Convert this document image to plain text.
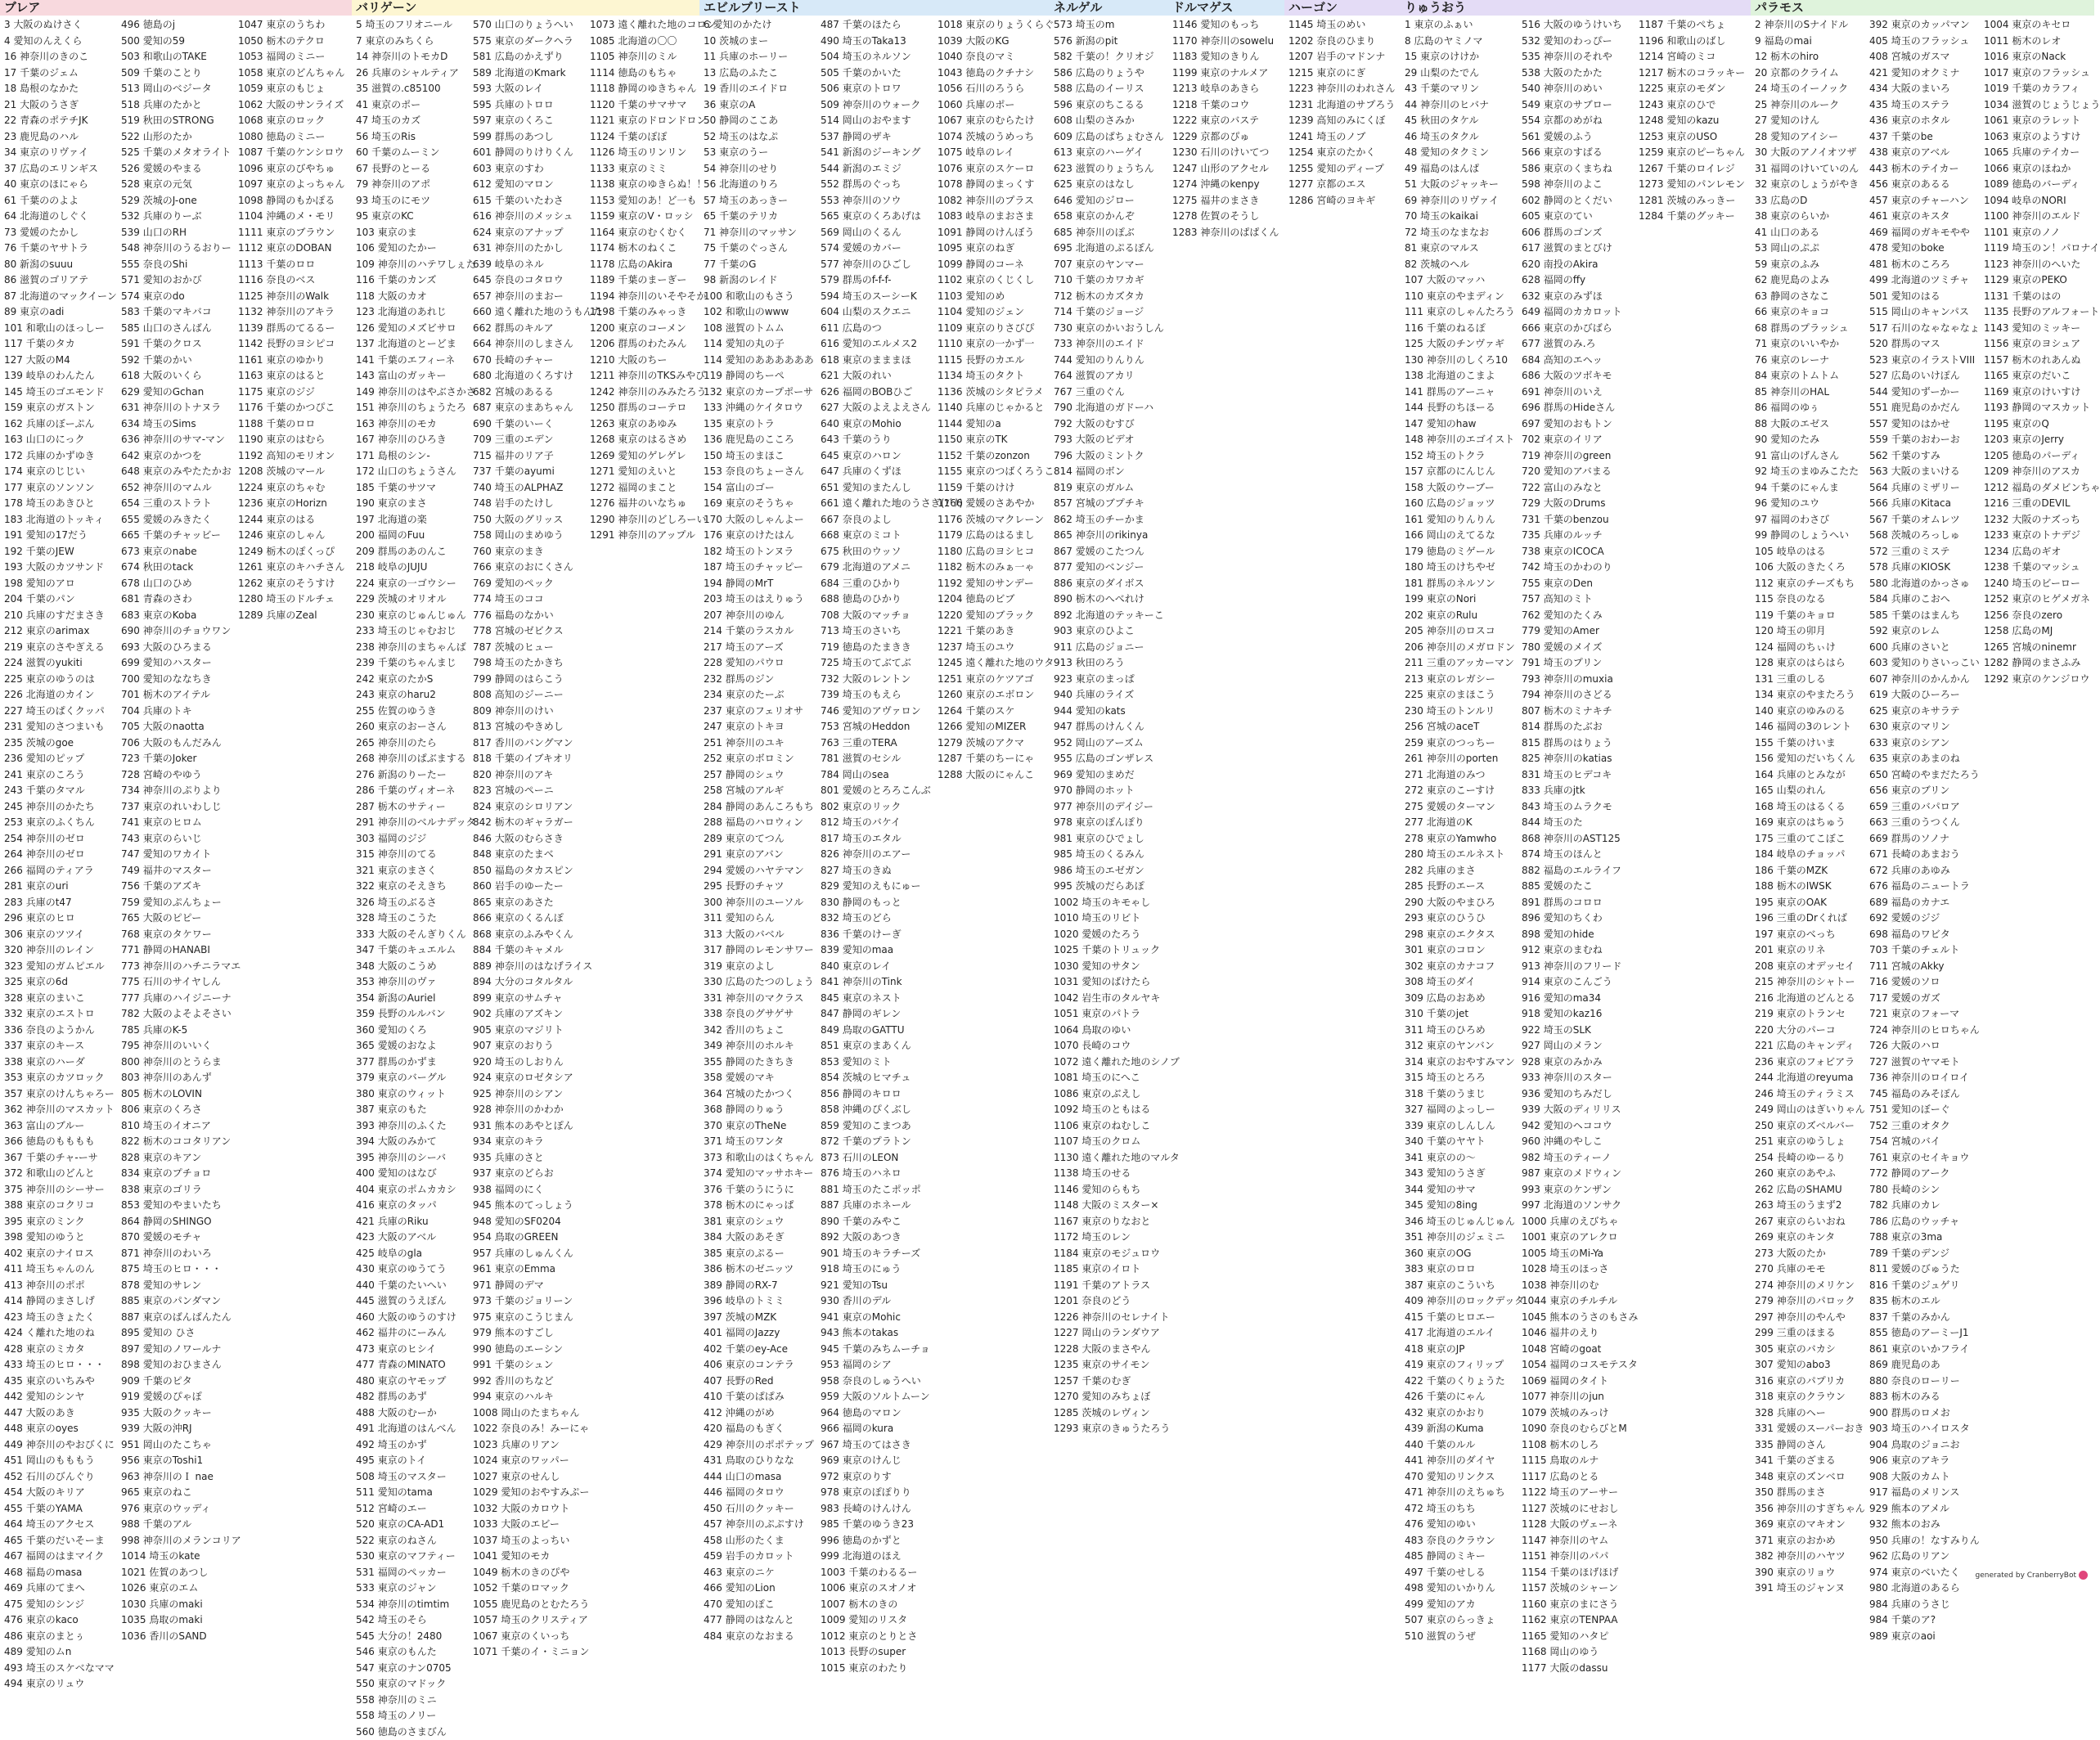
ブレア
3 大阪のぬけさく
4 愛知のんえくら
16 神奈川のきのこ
17 千葉のジェム
18 島根のなかた
21 大阪のうさぎ
22 青森のポテチJK
23 鹿児島のハル
34 東京のリヴァイ
37 広島のエリンギス
40 東京のほにゃら
61 千葉ののよよ
64 北海道のしぐく
73 愛媛のたかし
76 千葉のヤサトラ
80 新潟のsuuu
86 滋賀のゴリアテ
87 北海道のマックイーン
89 東京のadi
101 和歌山のほっしー
117 千葉のタカ
127 大阪のM4
139 岐阜のわんたん
145 埼玉のゴエモンド
159 東京のガストン
162 兵庫のぼーぷん
163 山口のにっク
172 兵庫のかずゆき
174 東京のじじい
177 東京のソンソン
178 埼玉のあきひと
183 北海道のトッキィ
191 愛知の17だう
192 千葉のJEW
193 大阪のカツサンド
198 愛知のアロ
204 千葉のパン
210 兵庫のすだまさき
212 東京のarimax
219 東京のさやぎえる
224 滋賀のyukiti
225 東京のゆうのは
226 北海道のカイン
227 埼玉のぱくクッパ
231 愛知のさつまいも
235 茨城のgoe
236 愛知のピップ
241 東京のころう
243 千葉のタマル
245 神奈川のかたち
253 東京のふくちん
254 神奈川のゼロ
264 神奈川のゼロ
266 福岡のティアラ
281 東京のuri
283 兵庫のt47
296 東京のヒロ
306 東京のツツイ
320 神奈川のレイン
323 愛知のガムピエル
325 東京の6d
328 東京のまいこ
332 東京のエストロ
336 奈良のようかん
337 東京のキース
338 東京のハーダ
353 東京のカツロック
357 東京のけんちゃろー
362 神奈川のマスカット
363 富山のブルー
366 徳島のもももも
367 千葉のチャ-ーサ
372 和歌山のどんと
375 神奈川のシーサー
388 東京のコクリコ
395 東京のミンク
398 愛知のゆうと
402 東京のナイロス
411 埼玉ちゃんのん
413 神奈川のポポ
414 静岡のまさしげ
423 埼玉のきょたく
424 く離れた地のね
428 東京のミカタ
433 埼玉のヒロ・・・
435 東京のいちみや
442 愛知のシンヤ
447 大阪のあき
448 東京のoyes
449 神奈川のやおびくに
451 岡山のもももう
452 石川のびんぐり
454 大阪のキリア
455 千葉のYAMA
464 埼玉のアクセス
465 千葉のだいそーま
467 福岡のはまマイク
468 福島のmasa
469 兵庫のてまへ
475 愛知のシンジ
476 東京のkaco
486 東京のまとぅ
489 愛知のムn
493 埼玉のスケベなママ
494 東京のリュウ
496 徳島のj
500 愛知の59
503 和歌山のTAKE
509 千葉のことり
513 岡山のベジータ
518 兵庫のたかと
519 秋田のSTRONG
522 山形のたか
525 千葉のメタオライト
526 愛媛のやまる
528 東京の元気
529 茨城のJ-one
532 兵庫のりーぶ
539 山口のRH
548 神奈川のうるおりー
555 奈良のShi
571 愛知のおかび
574 東京のdo
583 千葉のマキバコ
585 山口のさんばん
591 千葉のクロス
592 千葉のかい
618 大阪のいくら
629 愛知のGchan
631 神奈川のトナヌラ
634 埼玉のSims
636 神奈川のサマ-マン
642 東京のかつを
648 東京のみやたたかお
652 神奈川のマムル
654 三重のストラト
655 愛媛のみきたく
665 千葉のチャッビー
673 東京のnabe
674 秋田のtack
678 山口のひめ
681 青森のさわ
683 東京のKoba
690 神奈川のチョウワン
693 大阪のひろまる
699 愛知のハスター
700 愛知のななちき
701 栃木のアイテル
704 兵庫のトキ
705 大阪のnaotta
706 大阪のもんだみん
723 千葉のJoker
728 宮崎のやゆう
734 神奈川のぷりより
737 東京のれいわしじ
741 東京のヒロム
743 東京のらいじ
747 愛知のワカイト
749 福井のマスター
756 千葉のアズキ
759 愛知のぷんちょー
765 大阪のピピー
768 東京のタケワー
771 静岡のHANABI
773 神奈川のハチニラマエ
775 石川のサイヤしん
777 兵庫のハイジニーナ
782 大阪のよそよそさい
785 兵庫のK-5
795 神奈川のいいく
800 神奈川のとうらま
803 神奈川のあんず
805 栃木のLOVIN
806 東京のくろさ
810 埼玉のイオニア
822 栃木のココタリアン
828 東京のキアン
834 東京のプチョロ
838 東京のゴリラ
853 愛知のやまいたち
864 静岡のSHINGO
870 愛媛のモチャ
871 神奈川のわいろ
875 埼玉のヒロ・・・
878 愛知のサレン
885 東京のパンダマン
887 東京のばんぱんたん
895 愛知の ひさ
897 愛知のノワールナ
898 愛知のおひまさん
909 千葉のピタ
919 愛媛のぴゃぽ
935 大阪のクッキー
939 大阪の沖RJ
951 岡山のたこちゃ
956 東京のToshi1
963 神奈川のＩ nae
965 東京のねこ
976 東京のウッディ
988 千葉のアル
998 神奈川のメランコリア
1014 埼玉のkate
1021 佐賀のあつし
1026 東京のエム
1030 兵庫のmaki
1035 鳥取のmaki
1036 香川のSAND
1047 東京のうちわ
1050 栃木のテクロ
1053 福岡のミニー
1058 東京のどんちゃん
1059 東京のもじょ
1062 大阪のサンライズ
1068 東京のロック
1080 徳島のミニー
1087 千葉のケンシロウ
1096 東京のびやちゅ
1097 東京のよっちゃん
1098 静岡のもかぽる
1104 沖縄のメ・モリ
1111 東京のブラウン
1112 東京のDOBAN
1113 千葉のロロ
1116 奈良のベス
1125 神奈川のWalk
1132 神奈川のアキラ
1139 群馬のてるるー
1142 長野のヨシピコ
1161 東京のゆかり
1163 東京のはると
1175 東京のジジ
1176 千葉のかつぴこ
1188 千葉のロロ
1190 東京のはむら
1192 高知のモリオン
1208 茨城のマール
1224 東京のちゃむ
1236 東京のHorizn
1244 東京のはる
1246 東京のしゃん
1249 栃木のぽくっぴ
1261 東京のキハチさん
1262 東京のそうすけ
1280 埼玉のドルチェ
1289 兵庫のZeal
バリゲーン
5 埼玉のフリオニール
7 東京のみちくら
14 神奈川のトモカD
26 兵庫のシャルティア
35 滋賀の.c85100
41 東京のポー
47 埼玉のカズ
56 埼玉のRis
60 千葉のムーミン
67 長野のとーる
79 神奈川のアポ
93 埼玉のにモツ
95 東京のKC
103 東京のま
106 愛知のたかー
109 神奈川のハテワしぇた
116 千葉のカンズ
118 大阪のカオ
123 北海道のあれじ
126 愛知のメズビサロ
137 北海道のとーどま
141 千葉のエフィーネ
143 富山のガッキー
149 神奈川のはやぶさかさ
151 神奈川のちょうたろ
163 神奈川のモカ
167 神奈川のひろき
171 島根のシン-
172 山口のちょうさん
185 千葉のサツマ
190 東京のまさ
197 北海道の楽
200 福岡のFuu
209 群馬のあのんこ
218 岐阜のJUJU
224 東京の一ゴウシー
229 茨城のオリオル
230 東京のじゅんじゅん
233 埼玉のじゃむおじ
238 神奈川のまちゃんば
239 千葉のちゃんまじ
242 東京のたかS
243 東京のharu2
255 佐賀のゆうき
260 東京のおーさん
265 神奈川のたら
268 神奈川のぱぶまする
276 新潟のりーたー
286 千葉のヴィオーネ
287 栃木のサティー
291 神奈川のベルナデッタ
303 福岡のジジ
315 神奈川のてる
321 東京のまさく
322 東京のそえきち
326 埼玉のぶるさ
328 埼玉のこうた
333 大阪のそんぎりくん
347 千葉のキュエルム
348 大阪のこうめ
353 神奈川のヴァ
354 新潟のAuriel
359 長野のルルバン
360 愛知のくろ
365 愛媛のおなよ
377 群馬のかずま
379 東京のバーグル
380 東京のウィット
387 東京のもた
393 神奈川のふくた
394 大阪のみかて
395 神奈川のシーバ
400 愛知のはなび
404 東京のポムカカシ
416 東京のタッパ
421 兵庫のRiku
423 大阪のアベル
425 岐阜のgla
430 東京のゆうてう
440 千葉のたいへい
445 滋賀のうえぽん
460 大阪のゆうのすけ
462 福井のにーみん
473 東京のヒシイ
477 青森のMINATO
480 東京のヤモップ
482 群馬のあず
488 大阪のむーか
491 北海道のはんべん
492 埼玉のかず
495 東京のトイ
508 埼玉のマスター
511 愛知のtama
512 宮崎のエー
520 東京のCA-AD1
522 東京のねさん
530 東京のマフティー
531 福岡のペッカー
533 東京のジャン
534 神奈川のtimtim
542 埼玉のそら
545 大分の！2480
546 東京のもんた
547 東京のナン0705
550 東京のマドック
558 神奈川のミニ
558 埼玉のノリー
560 徳島のさまびん
570 山口のりょうへい
575 東京のダークヘラ
581 広島のかえずり
589 北海道のKmark
593 大阪のレイ
595 兵庫のトロロ
597 東京のくろこ
599 群馬のあつし
601 静岡のりけりくん
603 東京のすわ
612 愛知のマロン
615 千葉のいたわさ
616 神奈川のメッシュ
624 東京のアナップ
631 神奈川のたかし
639 岐阜のネル
645 奈良のコタロウ
657 神奈川のまおー
660 遠く離れた地のうもんた
662 群馬のキルア
664 神奈川のしまさん
670 長崎のチャー
680 北海道のくろすけ
682 宮城のあるる
687 東京のまあちゃん
690 千葉のいーく
709 三重のエデン
715 福井のリア子
737 千葉のayumi
740 埼玉のALPHAZ
748 岩手のたけし
750 大阪のグリッス
758 岡山のまめゆう
760 東京のまき
766 東京のおにくさん
769 愛知のペック
774 埼玉のココ
776 福島のなかい
778 宮城のゼビクス
787 茨城のヒュー
798 埼玉のたかきち
799 静岡のはらこう
808 高知のジーニー
809 神奈川のけい
813 宮城のやきめし
817 香川のバングマン
818 千葉のイブキオリ
820 神奈川のアキ
823 宮城のペーニ
824 東京のシロリアン
842 栃木のギャラガー
846 大阪のむらさき
848 東京のたまべ
850 福島のタカスピン
860 岩手のゆーたー
865 東京のあさた
866 東京のくるんぽ
868 東京のふみやくん
884 千葉のキャメル
889 神奈川のはなげライス
894 大分のコタルタル
899 東京のサムチャ
902 兵庫のアズキン
905 東京のマジリト
907 東京のおりう
920 埼玉のしおりん
924 東京のロゼタシア
925 神奈川のシアン
928 神奈川のかわか
931 熊本のあやとぽん
934 東京のキラ
935 兵庫のさと
937 東京のどらお
938 福岡のにく
945 熊本のてっしょう
948 愛知のSF0204
954 鳥取のGREEN
957 兵庫のしゅんくん
961 東京のEmma
971 静岡のデマ
973 千葉のジョリーン
975 東京のこうじまん
979 熊本のすごし
990 徳島のエーシン
991 千葉のシュン
992 香川のちなど
994 東京のハルキ
1008 岡山のたまちゃん
1022 奈良のみ！みーにゃ
1023 兵庫のリアン
1024 東京のワッパー
1027 東京のせんし
1029 愛知のおやすみぷー
1032 大阪のカロウト
1033 大阪のエビー
1037 埼玉のよっちい
1041 愛知のモカ
1049 栃木のきのぴや
1052 千葉のロマック
1055 鹿児島のとむたろう
1057 埼玉のクリスティア
1067 東京のくいっち
1071 千葉のイ・ミニョン
1073 遠く離れた地のコロン
1085 北海道の〇〇
1105 神奈川のミル
1114 徳島のもちゃ
1118 静岡のゆきちゃん
1120 千葉のサマサマ
1121 東京のドロンドロン
1124 千葉のぽぽ
1126 埼玉のリンリン
1133 東京のミミ
1138 東京のゆきらぬ！！
1153 愛知のあ！ど一も
1159 東京のV・ロッシ
1164 東京のむくむく
1174 栃木のねくこ
1178 広島のAkira
1189 千葉のまーぎー
1194 神奈川のいそやそか
1198 千葉のみゃっき
1200 東京のコーメン
1206 群馬のわたみん
1210 大阪のちー
1211 神奈川のTKSみやび
1242 神奈川のみみたろう
1250 群馬のコーテロ
1263 東京のあゆみ
1268 東京のはるさめ
1269 愛知のゲレゲレ
1271 愛知のえいと
1272 福岡のまこと
1276 福井のいなちゅ
1290 神奈川のどしろーい
1291 神奈川のアップル
エビルブリースト
6 愛知のかたけ
10 茨城のまー
11 兵庫のホーリー
13 広島のふたこ
19 香川のエイドロ
36 東京のA
50 静岡のここあ
52 埼玉のはなぷ
53 東京のうー
54 神奈川のせり
56 北海道のりろ
57 埼玉のあっきー
65 千葉のテリカ
71 神奈川のマッサン
75 千葉のぐっさん
77 千葉のG
98 新潟のレイド
100 和歌山のもさう
102 和歌山のwww
108 滋賀のトムム
114 愛知の丸の子
114 愛知のああああああ
119 静岡のちーぺ
132 東京のカープポーサ
133 沖縄のケイタロウ
135 東京のトラ
136 鹿児島のこころ
150 埼玉のまほこ
153 奈良のちょーさん
154 富山のゴー
169 東京のそうちゃ
170 大阪のしゃんよー
176 東京のけたはん
182 埼玉のトンヌラ
187 埼玉のチャッピー
194 静岡のMrT
203 埼玉のはえりゅう
207 神奈川のゆん
214 千葉のラスカル
217 埼玉のアーズ
228 愛知のパウロ
232 群馬のジン
234 東京のたーぶ
237 東京のフェリオサ
247 東京のトキヨ
251 神奈川のユキ
252 東京のボロミン
257 静岡のシュウ
258 宮城のアルギ
284 静岡のあんころもち
288 福島のハロウィン
289 東京のてつん
291 東京のアバン
294 愛媛のハヤテマン
295 長野のチャツ
300 神奈川のユーソル
311 愛知のらん
313 大阪のバベル
317 静岡のレモンサワー
319 東京のよし
330 広島のたつのしょう
331 神奈川のマクラス
338 奈良のグサゲサ
342 香川のちょこ
349 神奈川のホルキ
355 静岡のたきちき
358 愛媛のマキ
364 宮城のたかつく
368 静岡のりゅう
370 東京のTheNe
371 埼玉のワンタ
373 和歌山のはくちゃん
374 愛知のマッサホキー
376 千葉のうにうに
378 栃木のにゃっぱ
381 東京のシュウ
384 大阪のあそぎ
385 東京のぷるー
386 栃木のゼニッツ
389 静岡のRX-7
396 岐阜のトミミ
397 茨城のMZK
401 福岡のJazzy
402 千葉のey-Ace
406 東京のコンテラ
407 長野のRed
410 千葉のぱぱみ
412 沖縄のがめ
420 福島のもぎく
429 神奈川のポポテップ
431 鳥取のひりなな
444 山口のmasa
446 福岡のタロウ
450 石川のクッキー
457 神奈川のぷぷすけ
458 山形のたくま
459 岩手のカロット
463 東京のニケ
466 愛知のLion
470 愛知のぽこ
477 静岡のはなんと
484 東京のなおまる
487 千葉のほたら
490 埼玉のTaka13
504 埼玉のネルソン
505 千葉のかいた
506 東京のトロワ
509 神奈川のウォーク
514 岡山のおやます
537 静岡のザキ
541 新潟のジーキング
544 新潟のエミジ
552 群馬のぐっち
553 神奈川のソウ
565 東京のくろあげは
569 岡山のくるん
574 愛媛のカバー
577 神奈川のひごし
579 群馬のf-f-f-
594 埼玉のスーシーK
604 山梨のスクエニ
611 広島のつ
616 愛知のエルメス2
618 東京のまままほ
621 大阪のれい
626 福岡のBOBひご
627 大阪のよえよえさん
640 東京のMohio
643 千葉のうり
645 東京のハロン
647 兵庫のくずほ
651 愛知のまたんし
661 遠く離れた地のうさぎ(ﾌﾞﾀ)
667 奈良のよし
668 東京のミコト
675 秋田のウッソ
679 北海道のアメニ
684 三重のひかり
688 徳島のひかり
708 大阪のマッチョ
713 埼玉のさいち
719 徳島のたまきき
725 埼玉のてぶてぶ
732 大阪のレントン
739 埼玉のもえら
746 愛知のアヴァロン
753 宮城のHeddon
763 三重のTERA
781 滋賀のセシル
784 岡山のsea
801 愛媛のとろろこんぶ
802 東京のリック
812 埼玉のバケイ
817 埼玉のエタル
826 神奈川のエアー
827 埼玉のきぬ
829 愛知のえもにゅー
830 静岡のもっと
832 埼玉のどら
836 千葉のけーぎ
839 愛知のmaa
840 東京のレイ
841 神奈川のTink
845 東京のネスト
847 静岡のギレン
849 鳥取のGATTU
851 東京のまあくん
853 愛知のミト
854 茨城のヒマチュ
856 静岡のキロロ
858 沖縄のぴくぶし
859 愛知のこまつあ
872 千葉のプラトン
873 石川のLEON
876 埼玉のハネロ
881 埼玉のたこポッポ
887 兵庫のホネール
890 千葉のみやこ
892 大阪のあつき
901 埼玉のキラチーズ
918 埼玉のにゅう
921 愛知のTsu
930 香川のデル
941 東京のMohic
943 熊本のtakas
945 千葉のみちムーチョ
953 福岡のシア
958 奈良のしゅうへい
959 大阪のソルトムーン
964 徳島のマロン
966 福岡のkura
967 埼玉のてはさき
969 東京のけんじ
972 東京のりす
978 東京のぽぽりり
983 長崎のけんけん
985 千葉のゆうき23
996 徳島のかずと
999 北海道のほえ
1003 千葉のわるるー
1006 東京のスオノオ
1007 栃木のきの
1009 愛知のリスタ
1012 東京のとりとさ
1013 長野のsuper
1015 東京のわたり
1018 東京のりょうくらぐ
1039 大阪のKG
1040 奈良のマミ
1043 徳島のクチナシ
1056 石川のろうら
1060 兵庫のポー
1067 東京のむらたけ
1074 茨城のうめっち
1075 岐阜のレイ
1076 東京のスケーロ
1078 静岡のまっくす
1082 神奈川のプラス
1083 岐阜のまおさま
1091 静岡のけんぼう
1095 東京のねぎ
1099 静岡のコーネ
1102 東京のくじくし
1103 愛知のめ
1104 愛知のジェン
1109 東京のりさびぴ
1110 東京の一かず一
1115 長野のカエル
1134 埼玉のタクト
1136 茨城のシタピラメ
1140 兵庫のじゃかると
1144 愛知のa
1150 東京のTK
1152 千葉のzonzon
1155 東京のつばくろうこ
1159 千葉のけけ
1166 愛媛のさあやか
1176 茨城のマクレーン
1179 広島のはるまし
1180 広島のヨシヒコ
1182 栃木のみぁ一ゃ
1192 愛知のサンデー
1204 徳島のビブ
1220 愛知のブラック
1221 千葉のあき
1237 埼玉のユウ
1245 遠く離れた地のウタ
1251 東京のケツアゴ
1260 東京のエボロン
1264 千葉のスケ
1266 愛知のMIZER
1279 茨城のアクマ
1287 千葉のちーにゃ
1288 大阪のにゃんこ
ネルゲル
573 埼玉のm
576 新潟のpit
582 千葉の！クリオジ
586 広島のりょうや
588 広島のイーリス
596 東京のちこるる
608 山梨のさみか
609 広島のぱちょむさん
613 東京のハーゲイ
623 滋賀のりょうちん
625 東京のはなし
646 愛知のジロー
658 東京のかんぞ
685 神奈川のぽぶ
695 北海道のぷるぽん
707 東京のヤンマー
710 千葉のカワカギ
712 栃木のカズタカ
714 千葉のジョージ
730 東京のかいおうしん
733 神奈川のエイド
744 愛知のりんりん
764 滋賀のアカリ
767 三重のぐん
790 北海道のガドーハ
792 大阪のむすび
793 大阪のビデオ
796 大阪のミントク
814 福岡のボン
819 東京のガルム
857 宮城のブプチキ
862 埼玉のチーかま
865 神奈川のrikinya
867 愛媛のこたつん
877 愛知のベンジー
886 東京のダイボス
890 栃木のへべれけ
892 北海道のテッキーこ
903 東京のひよこ
911 広島のジョニー
913 秋田のろう
923 東京のまっぱ
940 兵庫のライズ
944 愛知のkats
947 群馬のけんくん
952 岡山のアーズム
955 広島のゴンザレス
969 愛知のまめだ
970 静岡のホット
977 神奈川のデイジー
978 東京のぽんぽり
981 東京のひでょし
985 埼玉のくるみん
986 埼玉のエゼガン
995 茨城のだらあぽ
1002 埼玉のキモゃし
1010 埼玉のリビト
1020 愛媛のたろう
1025 千葉のトリュック
1030 愛知のサタン
1031 愛知のばけたら
1042 岩生市のタルヤキ
1051 東京のパトラ
1064 鳥取のゆい
1070 長崎のコウ
1072 遠く離れた地のシノブ
1081 埼玉のにへこ
1086 東京のぶえし
1092 埼玉のともはる
1106 東京のねむしこ
1107 埼玉のクロム
1130 遠く離れた地のマルタ
1138 埼玉のせる
1146 愛知のらもち
1148 大阪のミスター×
1167 東京のりなおと
1172 埼玉のレン
1184 東京のモジュロウ
1185 東京のイロト
1191 千葉のアトラス
1201 奈良のどう
1226 神奈川のセレナイト
1227 岡山のランダウア
1228 大阪のまさやん
1235 東京のサイモン
1257 千葉のむぎ
1270 愛知のみちょぼ
1285 茨城のレヴィン
1293 東京のきゅうたろう
1146 愛知のもっち
1170 神奈川のsowelu
1183 愛知のきりん
1199 東京のナルメア
1213 岐阜のあきら
1218 千葉のコウ
1222 東京のバステ
1229 京都のぴゅ
1230 石川のけいてつ
1247 山形のアクセル
1274 沖縄のkenpy
1275 福井のまさき
1278 佐賀のそうし
1283 神奈川のぱぱくん
ドルマゲス	ハーゴン
1145 埼玉のめい
1202 奈良のひまり
1207 岩手のマドンナ
1215 東京のにぎ
1223 神奈川のわれさん
1231 北海道のサプろう
1239 高知のみにくぼ
1241 埼玉のノブ
1254 東京のたかく
1255 愛知のディープ
1277 京都のエス
1286 宮崎のヨキギ
りゅうおう
1 東京のふぁい
8 広島のヤミノマ
15 東京のけけか
29 山梨のたでん
43 千葉のマリン
44 神奈川のヒバナ
45 秋田のタケル
46 埼玉のタクル
48 愛知のタクミン
49 福島のはんぱ
51 大阪のジャッキー
69 神奈川のリヴァイ
70 埼玉のkaikai
72 埼玉のなまなお
81 東京のマルス
82 茨城のへル
107 大阪のマッハ
110 東京のやまディン
111 東京のしゃんたろう
116 千葉のねるぽ
125 大阪のチンヴァギ
130 神奈川のしくろ10
138 北海道のこまよ
141 群馬のアーニャ
144 長野のちほーる
147 愛知のhaw
148 神奈川のエゴイスト
152 埼玉のトクラ
157 京都のにんじん
158 大阪のウーブー
160 広島のジョッツ
161 愛知のりんりん
166 岡山のえてるな
179 徳島のミゲール
180 埼玉のけちやゼ
181 群馬のネルソン
199 東京のNori
202 東京のRulu
205 神奈川のロスコ
206 神奈川のメガロドン
211 三重のアッカーマン
213 東京のレガシー
225 東京のまほこう
230 埼玉のトンルリ
256 宮城のaceT
259 東京のつっちー
261 神奈川のporten
271 北海道のみつ
272 東京のこーすけ
275 愛媛のターマン
277 北海道のK
278 東京のYamwho
280 埼玉のエルネスト
282 兵庫のまさ
285 長野のエース
290 大阪のやまひろ
293 東京のひうひ
298 東京のエクタス
301 東京のコロン
302 東京のカナコフ
308 埼玉のダイ
309 広島のおあめ
310 千葉のjet
311 埼玉のひろめ
312 東京のヤンバン
314 東京のおやすみマン
315 埼玉のとろろ
318 千葉のうまじ
327 福岡のよっしー
339 東京のしんしん
340 千葉のヤヤト
341 東京のの〜
343 愛知のうさぎ
344 愛知のサマ
345 愛知の8ing
346 埼玉のじゅんじゅん
351 神奈川のジェミニ
360 東京のOG
383 東京のロロ
387 東京のこういち
409 神奈川のロックデッタ
415 千葉のヒロエー
417 北海道のエルイ
418 東京のJP
419 東京のフィリップ
422 千葉のくりょうた
426 千葉のにゃん
432 東京のかおり
439 新潟のKuma
440 千葉のルル
441 神奈川のダイヤ
470 愛知のリンクス
471 神奈川のえちゅち
472 埼玉のちち
476 愛知のゆい
483 奈良のクラウン
485 静岡のミキー
497 千葉のせしる
498 愛知のいかりん
499 愛知のアカ
507 東京のらっきょ
510 滋賀のうぜ
516 大阪のゆうけいち
532 愛知のわっぴー
535 神奈川のそれや
538 大阪のたかた
540 神奈川のめい
549 東京のサブロー
554 京都のめがね
561 愛媛のふう
566 東京のすばる
586 東京のくまちね
598 神奈川のよこ
602 静岡のとくだい
605 東京のてい
606 群馬のゴンズ
617 滋賀のまとびけ
620 南投のAkira
628 福岡のffy
632 東京のみずほ
649 福岡のカカロット
666 東京のかびばら
677 滋賀のみ.ろ
684 高知のエヘッ
686 大阪のツボキモ
691 神奈川のいえ
696 群馬のHideさん
697 愛知のおもトン
702 東京のイリア
719 神奈川のgreen
720 愛知のアバまる
722 富山のみなと
729 大阪のDrums
731 千葉のbenzou
735 兵庫のルッチ
738 東京のICOCA
742 埼玉のかわのり
755 東京のDen
757 高知のミト
762 愛知のたくみ
779 愛知のAmer
780 愛媛のメイズ
791 埼玉のプリン
793 神奈川のmuxia
794 神奈川のさどる
807 栃木のミナキチ
814 群馬のたぶお
815 群馬のはりょう
825 神奈川のkatias
831 埼玉のヒデコキ
833 兵庫のjtk
843 埼玉のムラクモ
844 埼玉のた
868 神奈川のAST125
874 埼玉のほんと
882 福島のエルライフ
885 愛媛のたこ
891 群馬のコロロ
896 愛知のちくわ
898 愛知のhide
912 東京のまむね
913 神奈川のフリード
914 東京のこんごう
916 愛知のma34
918 愛知のkaz16
922 埼玉のSLK
927 岡山のメラン
928 東京のみかみ
933 神奈川のスター
936 愛知のちみだし
939 大阪のディリリス
942 愛知のヘココウ
960 沖縄のやしこ
982 埼玉のティーノ
987 東京のメドウィン
993 東京のケンザン
997 北海道のソンサク
1000 兵庫のえびちゃ
1001 東京のアレクロ
1005 埼玉のMi-Ya
1028 埼玉のほっさ
1038 神奈川のむ
1044 東京のチルチル
1045 熊本のうさのもさみ
1046 福井のえり
1048 宮崎のgoat
1054 福岡のコスモテスタ
1069 福岡のタイト
1077 神奈川のjun
1079 茨城のみっけ
1090 奈良のむらびとM
1108 栃木のしろ
1115 鳥取のルナ
1117 広島のとる
1122 埼玉のアーサー
1127 茨城のにせおし
1128 大阪のヴェーネ
1147 神奈川のヤム
1151 神奈川のパパ
1154 千葉のほげほげ
1157 茨城のシャーン
1160 東京のまにさう
1162 東京のTENPAA
1165 愛知のハタピ
1168 岡山のゆう
1177 大阪のdassu
1187 千葉のぺちょ
1196 和歌山のばし
1214 宮崎のミコ
1217 栃木のコラッキー
1225 東京のモダン
1243 東京のひで
1248 愛知のkazu
1253 東京のUSO
1259 東京のピーちゃん
1267 千葉のロイレジ
1273 愛知のパンレモン
1281 茨城のみっきー
1284 千葉のグッキー
パラモス
2 神奈川のSナイドル
9 福島のmai
12 栃木のhiro
20 京都のクライム
24 埼玉のイーノック
25 神奈川のルーク
27 愛知のけん
28 愛知のアイシー
30 大阪のアノイオツザ
31 福岡のけいていのん
32 東京のしょうがやき
33 広島のD
38 東京のらいか
41 山口のある
53 岡山のぷぷ
59 東京のふみ
62 鹿児島のよみ
63 静岡のさなこ
66 東京のキョコ
68 群馬のプラッシュ
71 東京のいいやか
76 東京のレーナ
84 東京のトムトム
85 神奈川のHAL
86 福岡のゆぅ
88 大阪のエゼス
90 愛知のたみ
91 富山のげんさん
92 埼玉のまゆみこたた
94 千葉のにゃんま
96 愛知のユウ
97 福岡のわさび
99 静岡のしょうへい
105 岐阜のはる
106 大阪のきたくろ
112 東京のチーズもち
115 奈良のなる
119 千葉のキョロ
120 埼玉の卯月
124 福岡のちぃけ
128 東京のはらはら
131 三重のしる
134 東京のやまたろう
140 東京のゆみのる
146 福岡の3のレント
155 千葉のけいま
156 愛知のだいちくん
164 兵庫のとみなが
165 山梨のれん
168 埼玉のはるくる
169 東京のはちゅう
175 三重のてこぼこ
184 岐阜のチョッパ
186 千葉のMZK
188 栃木のIWSK
195 東京のOAK
196 三重のDrくれば
197 東京のべっち
201 東京のリネ
208 東京のオデッセイ
215 神奈川のシャトー
216 北海道のどんとる
219 東京のトランセ
220 大分のパーコ
221 広島のキャンディ
236 東京のフォビアラ
244 北海道のreyuma
246 埼玉のティラミス
249 岡山のはぎいりゃん
250 東京のズベルバー
251 東京のゆうしょ
254 長崎のゆーるり
260 東京のあやふ
262 広島のSHAMU
263 埼玉のうまず2
267 東京のらいおね
269 東京のキンタ
273 大阪のたか
270 兵庫のモモ
274 神奈川のメリケン
279 神奈川のパロック
297 神奈川のやんや
299 三重のほまる
305 東京のバカシ
307 愛知のabo3
316 東京のパプリカ
318 東京のクラウン
328 兵庫のヘー
331 愛媛のスーパーおき
335 静岡のさん
341 千葉のざまる
348 東京のズンベロ
350 群馬のまさ
356 神奈川のすぎちゃん
369 東京のマキオン
371 東京のおかめ
382 神奈川のハヤツ
390 東京のリョウ
391 埼玉のジャンヌ
392 東京のカッパマン
405 埼玉のフラッシュ
408 宮城のガスマ
421 愛知のオクミナ
434 大阪のまいろ
435 埼玉のステラ
436 東京のホタル
437 千葉のbe
438 東京のアベル
443 栃木のテイカー
456 東京のあるる
457 東京のチャーハン
461 東京のキスタ
469 福岡のガキモやや
478 愛知のboke
481 栃木のころろ
499 北海道のツミチャ
501 愛知のはる
515 岡山のキャンパス
517 石川のなゃなゃなょ
520 群馬のマス
523 東京のイラストVIII
527 広島のいけぽん
544 愛知のずーかー
551 鹿児島のかだん
557 愛知のはかせ
559 千葉のおわーお
562 千葉のすみ
563 大阪のまいける
564 兵庫のミザリー
566 兵庫のKitaca
567 千葉のオムレツ
568 茨城のろっしゅ
572 三重のミステ
578 兵庫のKIOSK
580 北海道のかっさゅ
584 兵庫のこおへ
585 千葉のはまんち
592 東京のレム
600 兵庫のさいと
603 愛知のりさいっこい
607 神奈川のかんかん
619 大阪のひーろー
625 東京のキサラテ
630 東京のマリン
633 東京のシアン
635 東京のあまのね
650 宮崎のやまだたろう
656 東京のブリン
659 三重のバパロア
663 三重のうつくん
669 群馬のソノナ
671 長崎のあまおう
672 兵庫のあゆみ
676 福島のニュートラ
689 福島のカナエ
692 愛媛のジジ
698 福島のワビタ
703 千葉のチェルト
711 宮城のAkky
716 愛媛のソロ
717 愛媛のガズ
721 東京のフォーマ
724 神奈川のヒロちゃん
726 大阪のハロ
727 滋賀のヤマモト
736 神奈川のロイロイ
745 福島のみそぽん
751 愛知のぼーぐ
752 三重のオタク
754 宮城のバイ
761 東京のセイキョウ
772 静岡のアーク
780 長崎のシン
782 兵庫のカレ
786 広島のウッチャ
788 東京の3ma
789 千葉のデンジ
811 愛媛のびゅうた
816 千葉のジュゲリ
835 栃木のエル
837 千葉のみかん
855 徳島のアーミーJ1
861 東京のいかフライ
869 鹿児島のあ
880 奈良のローリー
883 栃木のみる
900 群馬のロメお
903 埼玉のハイロスタ
904 鳥取のジョニお
906 東京のアキラ
908 大阪のカムト
917 福島のメリンス
929 熊本のアメル
932 熊本のおみ
950 兵庫の！なすみりん
962 広島のリアン
974 東京のべいたく
980 北海道のあるら
984 兵庫のうさじ
984 千葉のア?
989 東京のaoi
1004 東京のキセロ
1011 栃木のレオ
1016 東京のNack
1017 東京のフラッシュ
1019 千葉のカラフィ
1034 滋賀のじょうじょう
1061 東京のラレット
1063 東京のようすけ
1065 兵庫のテイカー
1066 東京のほねか
1089 徳島のバーディ
1094 岐阜のNORI
1100 神奈川のエルド
1101 東京のノノ
1119 埼玉のン！パロナイ
1123 神奈川のへいた
1129 東京のPEKO
1131 千葉のはの
1135 長野のアルフォート
1143 愛知のミッキー
1156 東京のヨシュア
1157 栃木のれあんぬ
1165 東京のだいこ
1169 東京のけいすけ
1193 静岡のマスカット
1195 東京のQ
1203 東京のJerry
1205 徳島のパーディ
1209 神奈川のアスカ
1212 福島のダメビンちゃ
1216 三重のDEVIL
1232 大阪のナズっち
1233 東京のトナデジ
1234 広島のギオ
1238 千葉のマッシュ
1240 埼玉のビーロー
1252 東京のヒゲメガネ
1256 奈良のzero
1258 広島のMJ
1265 宮城のninemr
1282 静岡のまさふみ
1292 東京のケンジロウ
generated by CranberryBot
